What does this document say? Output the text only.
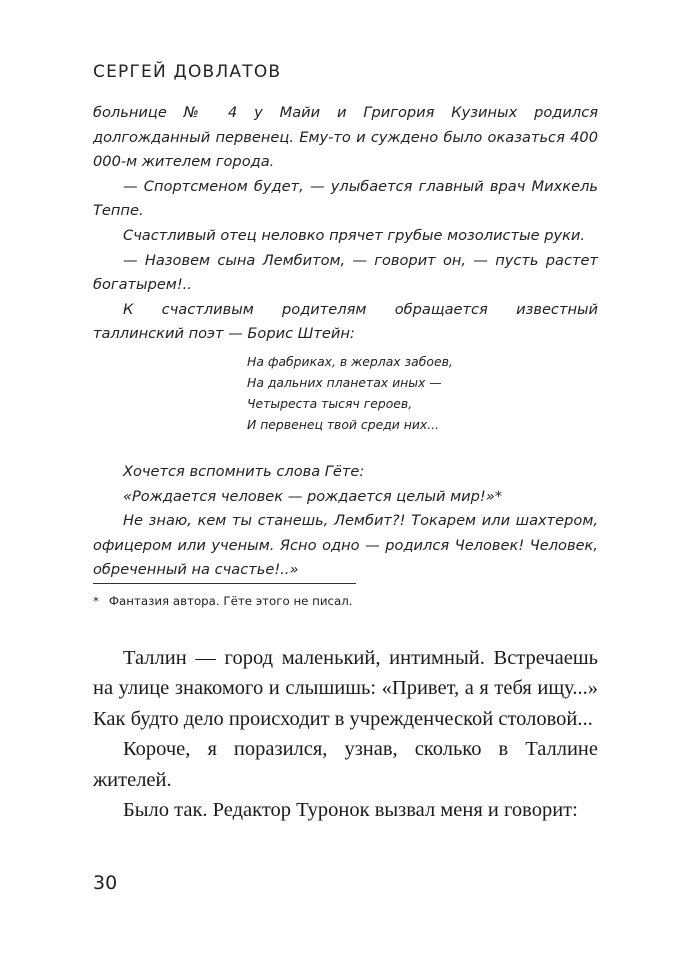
СЕРГЕЙ ДОВЛАТОВ

больнице № 4 у Майи и Григория Кузиных родился долгожданный первенец. Ему-то и суждено было оказаться 400 000-м жителем города.

— Спортсменом будет, — улыбается главный врач Михкель Теппе.

Счастливый отец неловко прячет грубые мозолистые руки.

— Назовем сына Лембитом, — говорит он, — пусть растет богатырем!..

К счастливым родителям обращается известный таллинский поэт — Борис Штейн:

На фабриках, в жерлах забоев,
На дальних планетах иных —
Четыреста тысяч героев,
И первенец твой среди них...

Хочется вспомнить слова Гёте:

«Рождается человек — рождается целый мир!»*

Не знаю, кем ты станешь, Лембит?! Токарем или шахтером, офицером или ученым. Ясно одно — родился Человек! Человек, обреченный на счастье!..»

* Фантазия автора. Гёте этого не писал.

Таллин — город маленький, интимный. Встречаешь на улице знакомого и слышишь: «Привет, а я тебя ищу...» Как будто дело происходит в учрежденческой столовой...

Короче, я поразился, узнав, сколько в Таллине жителей.

Было так. Редактор Туронок вызвал меня и говорит:

30
